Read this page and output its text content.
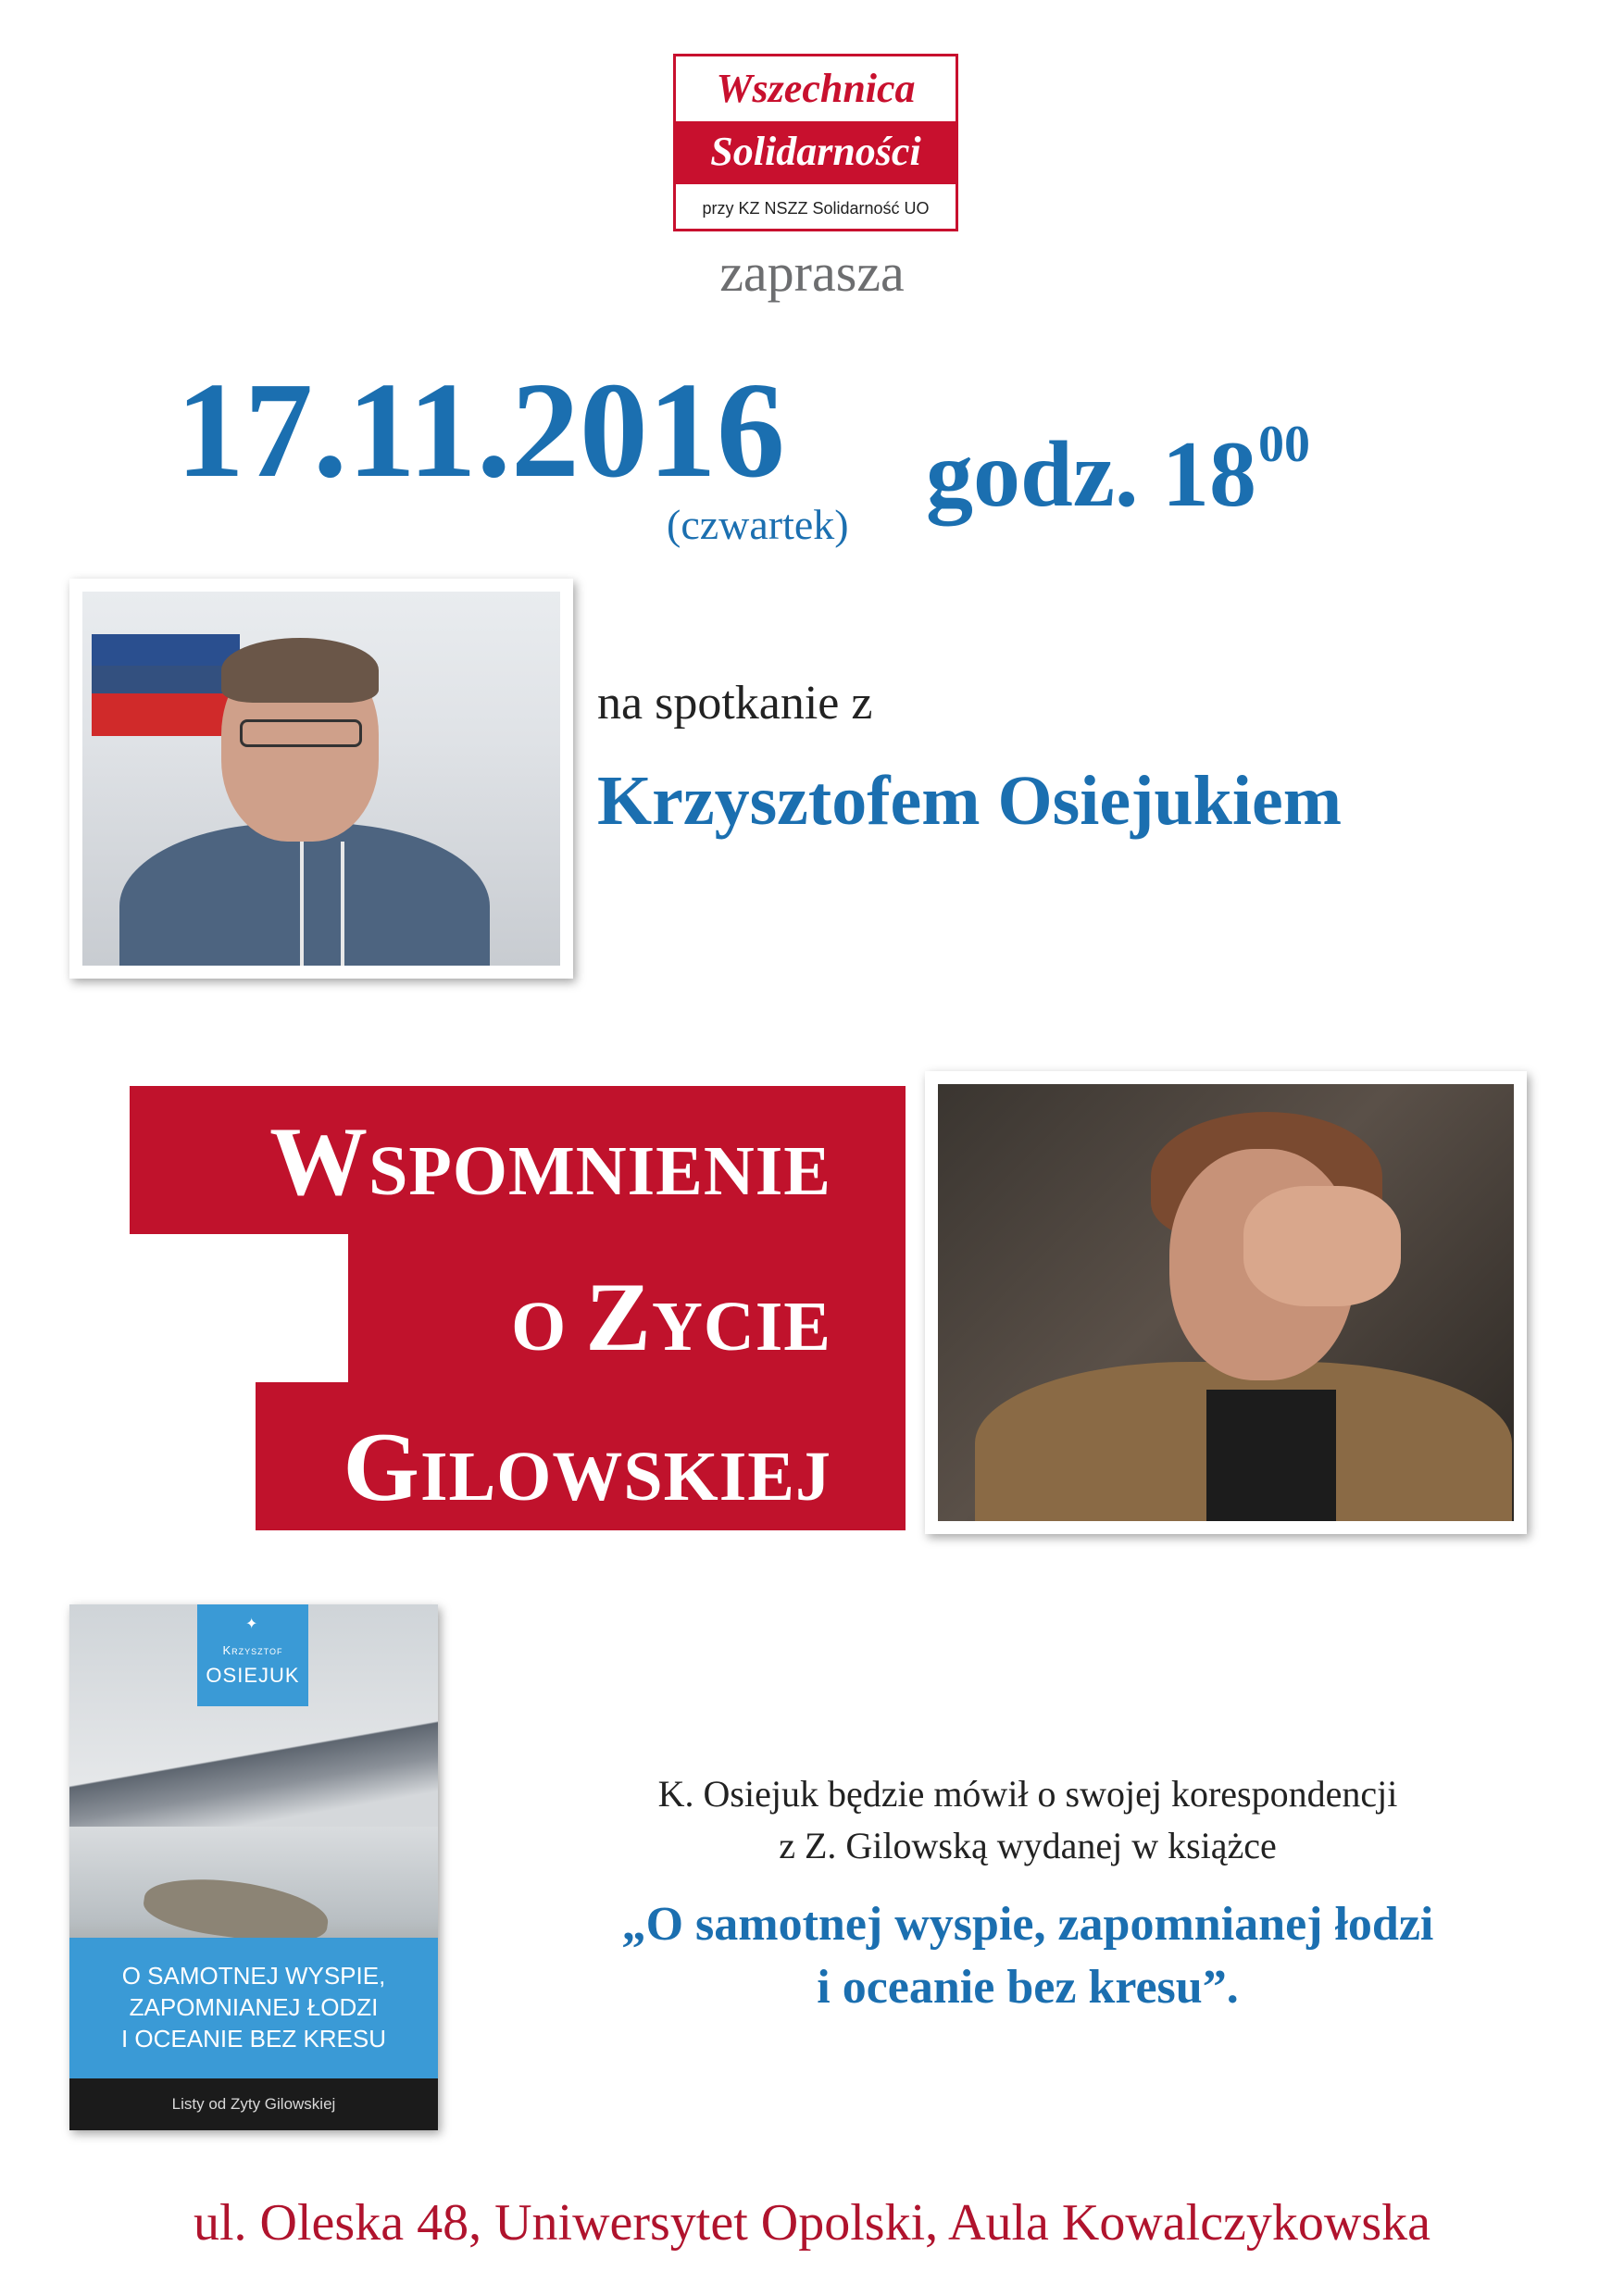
Wszechnica
Solidarności
przy KZ NSZZ Solidarność UO
zaprasza
17.11.2016 godz. $18^{00}$
(czwartek)
na spotkanie z
Krzysztofem Osiejukiem
WSPOMNIENIE
O ZYCIE
GILOWSKIEJ
✦
Krzysztof
OSIEJUK
O SAMOTNEJ WYSPIE,
ZAPOMNIANEJ ŁODZI
I OCEANIE BEZ KRESU
Listy od Zyty Gilowskiej
K. Osiejuk będzie mówił o swojej korespondencji
z Z. Gilowską wydanej w książce
„O samotnej wyspie, zapomnianej łodzi
i oceanie bez kresu”.
ul. Oleska 48, Uniwersytet Opolski, Aula Kowalczykowska
